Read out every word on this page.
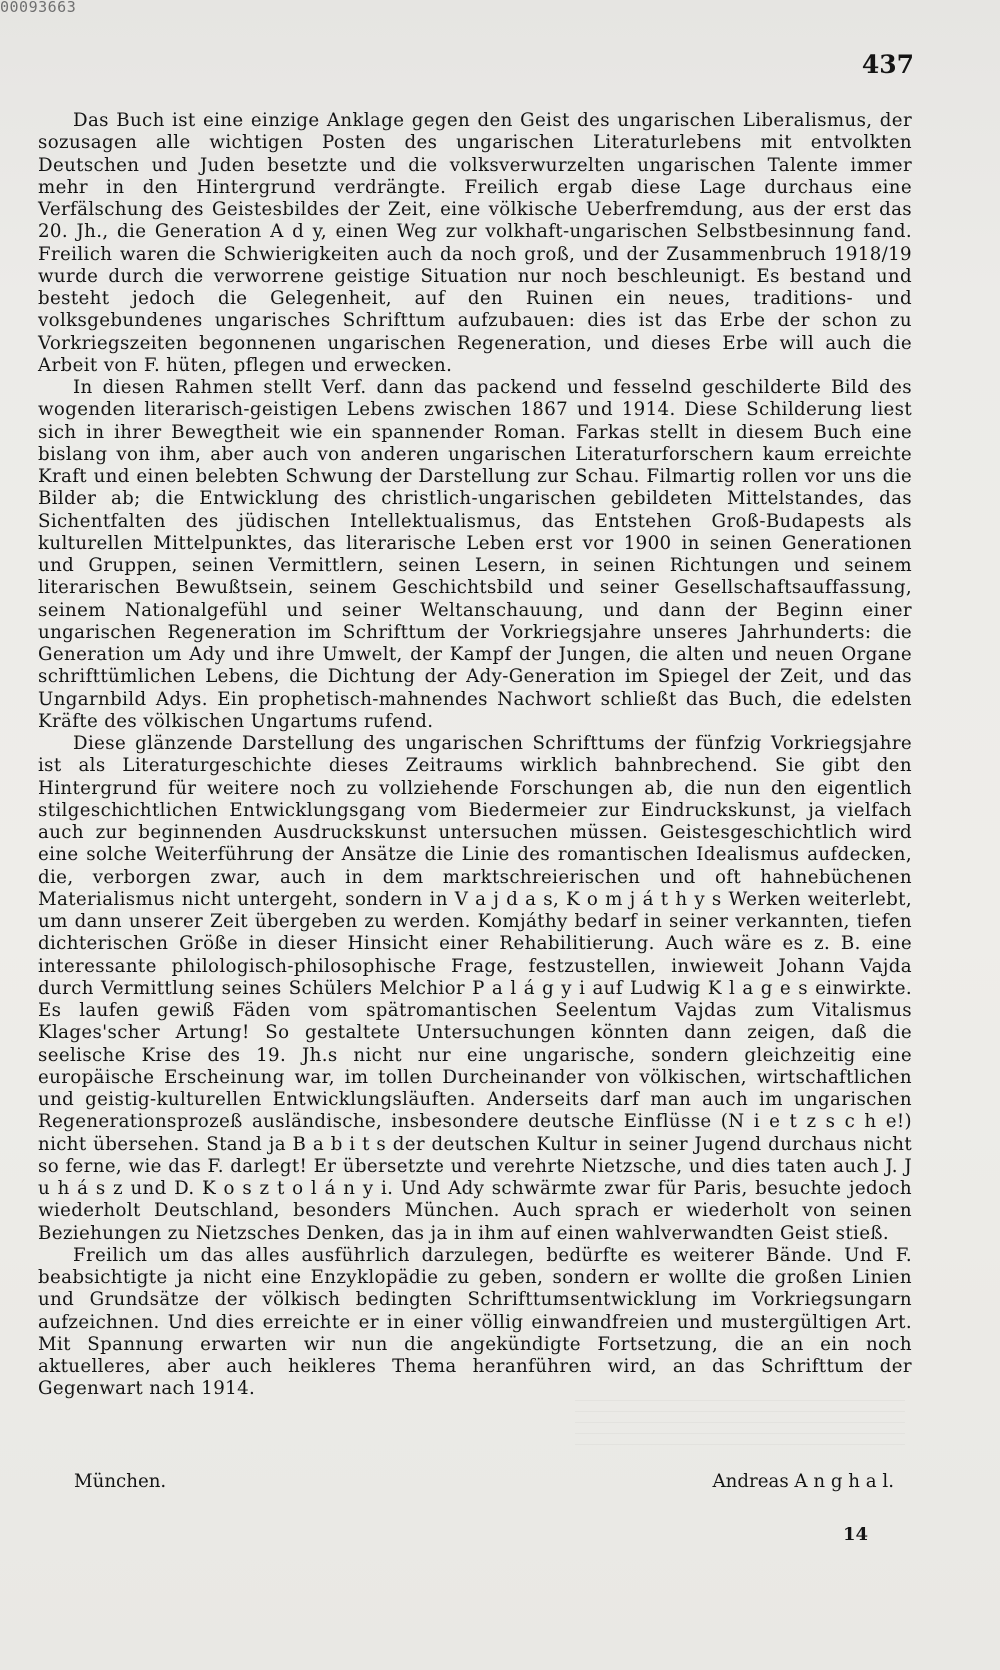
00093663
437

Das Buch ist eine einzige Anklage gegen den Geist des ungarischen Liberalismus, der sozusagen alle wichtigen Posten des ungarischen Literaturlebens mit entvolkten Deutschen und Juden besetzte und die volksverwurzelten ungarischen Talente immer mehr in den Hintergrund verdrängte. Freilich ergab diese Lage durchaus eine Verfälschung des Geistesbildes der Zeit, eine völkische Ueberfremdung, aus der erst das 20. Jh., die Generation A d y, einen Weg zur volkhaft-ungarischen Selbstbesinnung fand. Freilich waren die Schwierigkeiten auch da noch groß, und der Zusammenbruch 1918/19 wurde durch die verworrene geistige Situation nur noch beschleunigt. Es bestand und besteht jedoch die Gelegenheit, auf den Ruinen ein neues, traditions- und volksgebundenes ungarisches Schrifttum aufzubauen: dies ist das Erbe der schon zu Vorkriegszeiten begonnenen ungarischen Regeneration, und dieses Erbe will auch die Arbeit von F. hüten, pflegen und erwecken.

In diesen Rahmen stellt Verf. dann das packend und fesselnd geschilderte Bild des wogenden literarisch-geistigen Lebens zwischen 1867 und 1914. Diese Schilderung liest sich in ihrer Bewegtheit wie ein spannender Roman. Farkas stellt in diesem Buch eine bislang von ihm, aber auch von anderen ungarischen Literaturforschern kaum erreichte Kraft und einen belebten Schwung der Darstellung zur Schau. Filmartig rollen vor uns die Bilder ab; die Entwicklung des christlich-ungarischen gebildeten Mittelstandes, das Sichentfalten des jüdischen Intellektualismus, das Entstehen Groß-Budapests als kulturellen Mittelpunktes, das literarische Leben erst vor 1900 in seinen Generationen und Gruppen, seinen Vermittlern, seinen Lesern, in seinen Richtungen und seinem literarischen Bewußtsein, seinem Geschichtsbild und seiner Gesellschaftsauffassung, seinem Nationalgefühl und seiner Weltanschauung, und dann der Beginn einer ungarischen Regeneration im Schrifttum der Vorkriegsjahre unseres Jahrhunderts: die Generation um Ady und ihre Umwelt, der Kampf der Jungen, die alten und neuen Organe schrifttümlichen Lebens, die Dichtung der Ady-Generation im Spiegel der Zeit, und das Ungarnbild Adys. Ein prophetisch-mahnendes Nachwort schließt das Buch, die edelsten Kräfte des völkischen Ungartums rufend.

Diese glänzende Darstellung des ungarischen Schrifttums der fünfzig Vorkriegsjahre ist als Literaturgeschichte dieses Zeitraums wirklich bahnbrechend. Sie gibt den Hintergrund für weitere noch zu vollziehende Forschungen ab, die nun den eigentlich stilgeschichtlichen Entwicklungsgang vom Biedermeier zur Eindruckskunst, ja vielfach auch zur beginnenden Ausdruckskunst untersuchen müssen. Geistesgeschichtlich wird eine solche Weiterführung der Ansätze die Linie des romantischen Idealismus aufdecken, die, verborgen zwar, auch in dem marktschreierischen und oft hahnebüchenen Materialismus nicht untergeht, sondern in V a j d a s, K o m j á t h y s Werken weiterlebt, um dann unserer Zeit übergeben zu werden. Komjáthy bedarf in seiner verkannten, tiefen dichterischen Größe in dieser Hinsicht einer Rehabilitierung. Auch wäre es z. B. eine interessante philologisch-philosophische Frage, festzustellen, inwieweit Johann Vajda durch Vermittlung seines Schülers Melchior P a l á g y i auf Ludwig K l a g e s einwirkte. Es laufen gewiß Fäden vom spätromantischen Seelentum Vajdas zum Vitalismus Klages'scher Artung! So gestaltete Untersuchungen könnten dann zeigen, daß die seelische Krise des 19. Jh.s nicht nur eine ungarische, sondern gleichzeitig eine europäische Erscheinung war, im tollen Durcheinander von völkischen, wirtschaftlichen und geistig-kulturellen Entwicklungsläuften. Anderseits darf man auch im ungarischen Regenerationsprozeß ausländische, insbesondere deutsche Einflüsse (N i e t z s c h e!) nicht übersehen. Stand ja B a b i t s der deutschen Kultur in seiner Jugend durchaus nicht so ferne, wie das F. darlegt! Er übersetzte und verehrte Nietzsche, und dies taten auch J. J u h á s z und D. K o s z t o l á n y i. Und Ady schwärmte zwar für Paris, besuchte jedoch wiederholt Deutschland, besonders München. Auch sprach er wiederholt von seinen Beziehungen zu Nietzsches Denken, das ja in ihm auf einen wahlverwandten Geist stieß.

Freilich um das alles ausführlich darzulegen, bedürfte es weiterer Bände. Und F. beabsichtigte ja nicht eine Enzyklopädie zu geben, sondern er wollte die großen Linien und Grundsätze der völkisch bedingten Schrifttumsentwicklung im Vorkriegsungarn aufzeichnen. Und dies erreichte er in einer völlig einwandfreien und mustergültigen Art. Mit Spannung erwarten wir nun die angekündigte Fortsetzung, die an ein noch aktuelleres, aber auch heikleres Thema heranführen wird, an das Schrifttum der Gegenwart nach 1914.

München.	Andreas A n g h a l.
14
